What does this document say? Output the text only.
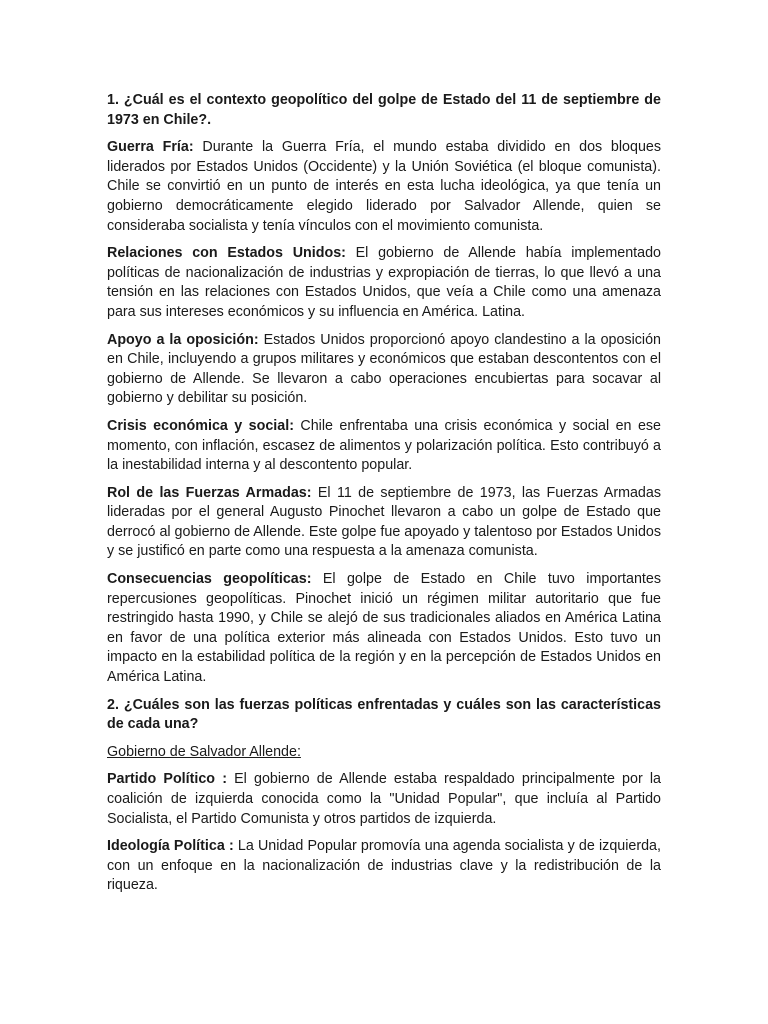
1. ¿Cuál es el contexto geopolítico del golpe de Estado del 11 de septiembre de 1973 en Chile?.
Guerra Fría: Durante la Guerra Fría, el mundo estaba dividido en dos bloques liderados por Estados Unidos (Occidente) y la Unión Soviética (el bloque comunista). Chile se convirtió en un punto de interés en esta lucha ideológica, ya que tenía un gobierno democráticamente elegido liderado por Salvador Allende, quien se consideraba socialista y tenía vínculos con el movimiento comunista.
Relaciones con Estados Unidos: El gobierno de Allende había implementado políticas de nacionalización de industrias y expropiación de tierras, lo que llevó a una tensión en las relaciones con Estados Unidos, que veía a Chile como una amenaza para sus intereses económicos y su influencia en América. Latina.
Apoyo a la oposición: Estados Unidos proporcionó apoyo clandestino a la oposición en Chile, incluyendo a grupos militares y económicos que estaban descontentos con el gobierno de Allende. Se llevaron a cabo operaciones encubiertas para socavar al gobierno y debilitar su posición.
Crisis económica y social: Chile enfrentaba una crisis económica y social en ese momento, con inflación, escasez de alimentos y polarización política. Esto contribuyó a la inestabilidad interna y al descontento popular.
Rol de las Fuerzas Armadas: El 11 de septiembre de 1973, las Fuerzas Armadas lideradas por el general Augusto Pinochet llevaron a cabo un golpe de Estado que derrocó al gobierno de Allende. Este golpe fue apoyado y talentoso por Estados Unidos y se justificó en parte como una respuesta a la amenaza comunista.
Consecuencias geopolíticas: El golpe de Estado en Chile tuvo importantes repercusiones geopolíticas. Pinochet inició un régimen militar autoritario que fue restringido hasta 1990, y Chile se alejó de sus tradicionales aliados en América Latina en favor de una política exterior más alineada con Estados Unidos. Esto tuvo un impacto en la estabilidad política de la región y en la percepción de Estados Unidos en América Latina.
2. ¿Cuáles son las fuerzas políticas enfrentadas y cuáles son las características de cada una?
Gobierno de Salvador Allende:
Partido Político : El gobierno de Allende estaba respaldado principalmente por la coalición de izquierda conocida como la "Unidad Popular", que incluía al Partido Socialista, el Partido Comunista y otros partidos de izquierda.
Ideología Política : La Unidad Popular promovía una agenda socialista y de izquierda, con un enfoque en la nacionalización de industrias clave y la redistribución de la riqueza.
